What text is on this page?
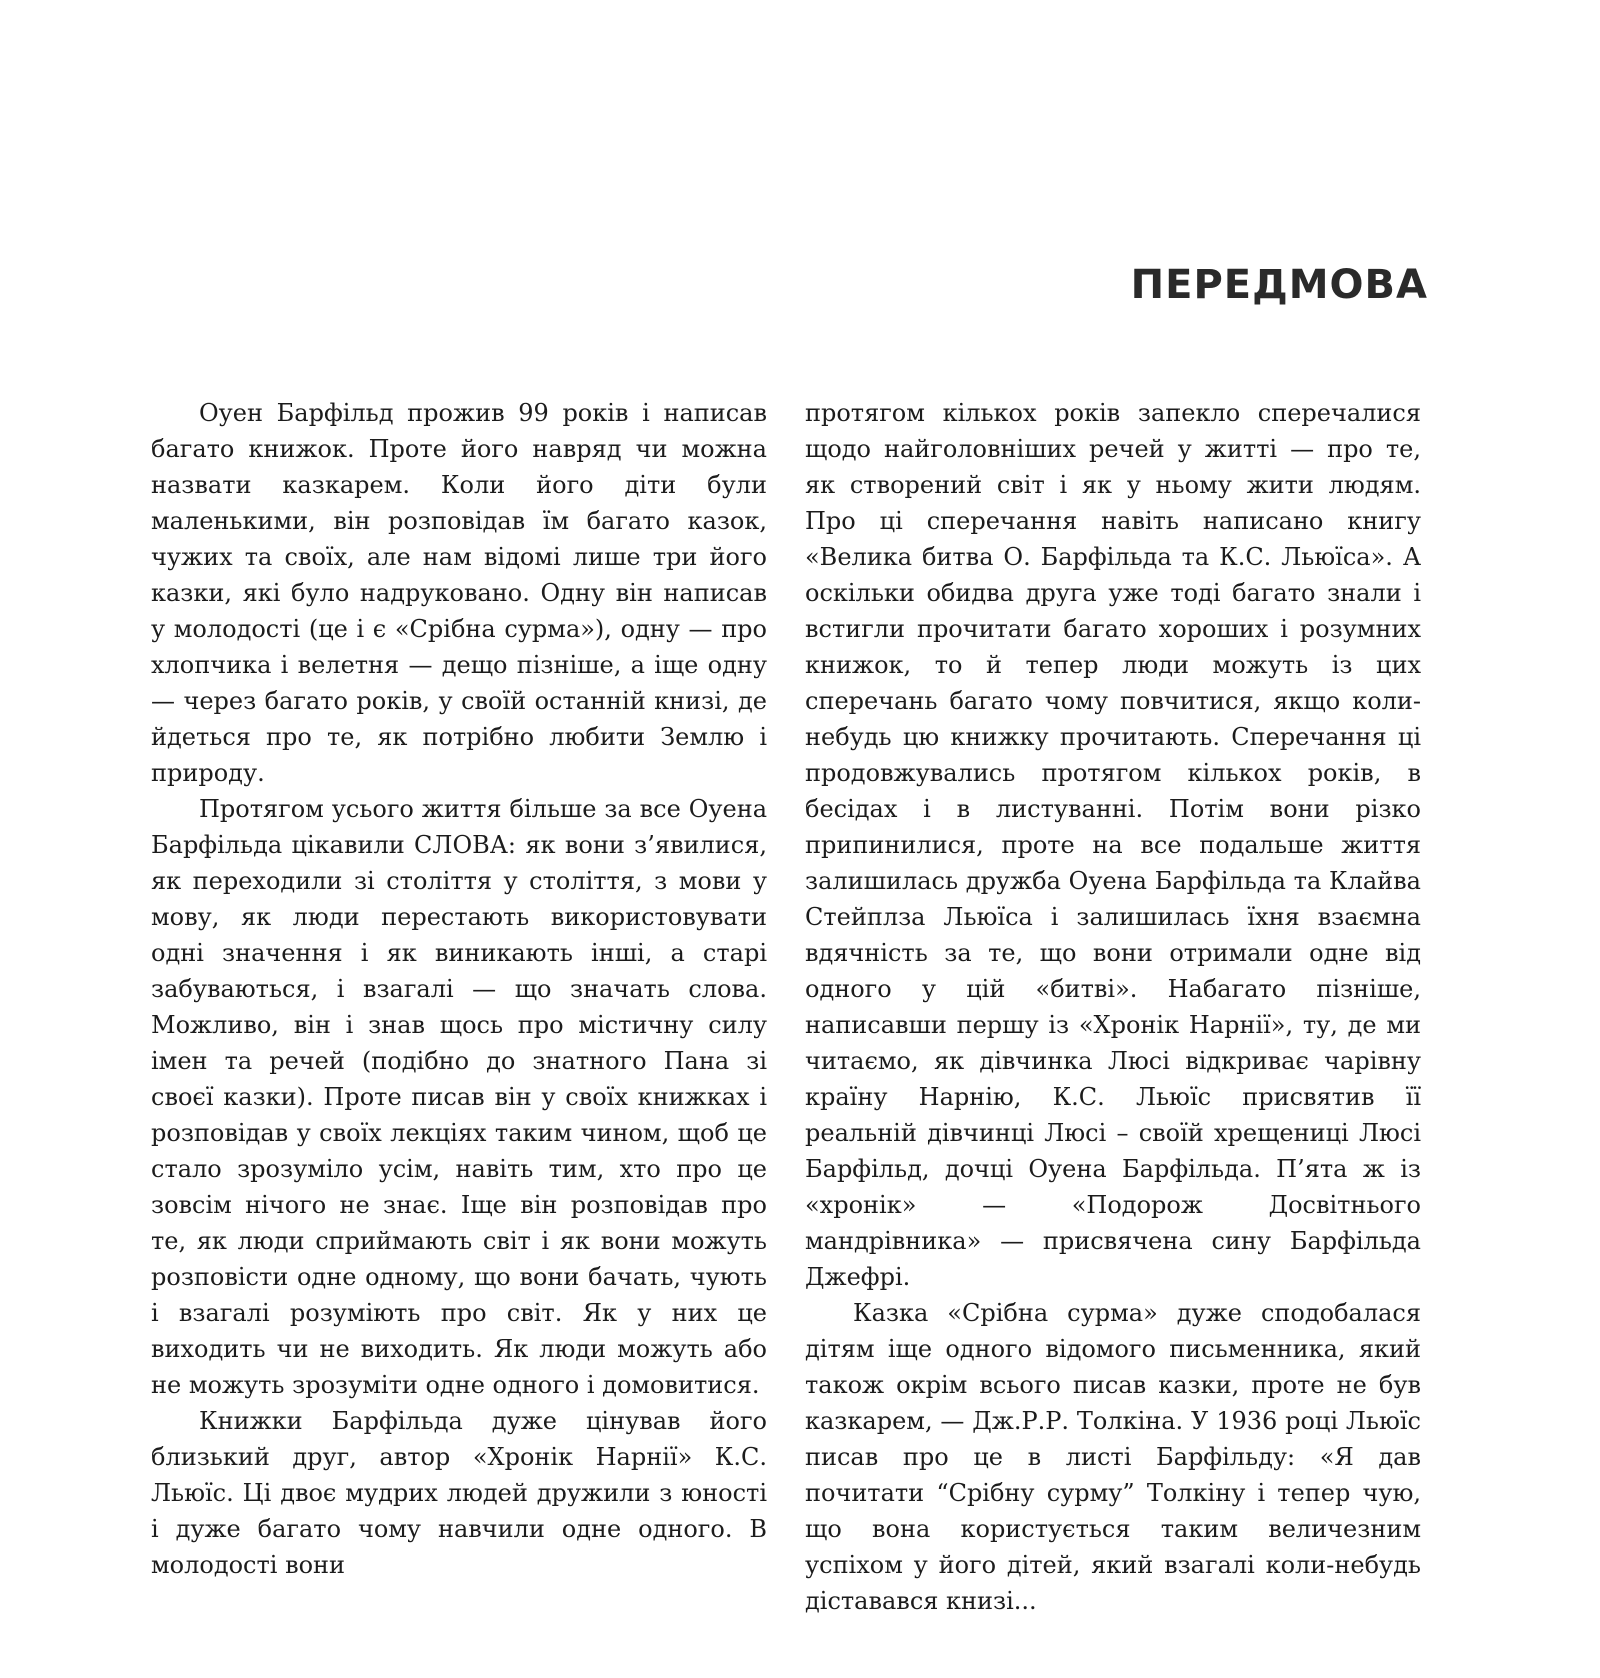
ПЕРЕДМОВА

Оуен Барфільд прожив 99 років і написав багато книжок. Проте його навряд чи можна назвати казкарем. Коли його діти були маленькими, він розповідав їм багато казок, чужих та своїх, але нам відомі лише три його казки, які було надруковано. Одну він написав у молодості (це і є «Срібна сурма»), одну — про хлопчика і велетня — дещо пізніше, а іще одну — через багато років, у своїй останній книзі, де йдеться про те, як потрібно любити Землю і природу.

Протягом усього життя більше за все Оуена Барфільда цікавили СЛОВА: як вони з’явилися, як переходили зі століття у століття, з мови у мову, як люди перестають використовувати одні значення і як виникають інші, а старі забуваються, і взагалі — що значать слова. Можливо, він і знав щось про містичну силу імен та речей (подібно до знатного Пана зі своєї казки). Проте писав він у своїх книжках і розповідав у своїх лекціях таким чином, щоб це стало зрозуміло усім, навіть тим, хто про це зовсім нічого не знає. Іще він розповідав про те, як люди сприймають світ і як вони можуть розповісти одне одному, що вони бачать, чують і взагалі розуміють про світ. Як у них це виходить чи не виходить. Як люди можуть або не можуть зрозуміти одне одного і домовитися.

Книжки Барфільда дуже цінував його близький друг, автор «Хронік Нарнії» К.С. Льюїс. Ці двоє мудрих людей дружили з юності і дуже багато чому навчили одне одного. В молодості вони

протягом кількох років запекло сперечалися щодо найголовніших речей у житті — про те, як створений світ і як у ньому жити людям. Про ці сперечання навіть написано книгу «Велика битва О. Барфільда та К.С. Льюїса». А оскільки обидва друга уже тоді багато знали і встигли прочитати багато хороших і розумних книжок, то й тепер люди можуть із цих сперечань багато чому повчитися, якщо коли-небудь цю книжку прочитають. Сперечання ці продовжувались протягом кількох років, в бесідах і в листуванні. Потім вони різко припинилися, проте на все подальше життя залишилась дружба Оуена Барфільда та Клайва Стейплза Льюїса і залишилась їхня взаємна вдячність за те, що вони отримали одне від одного у цій «битві». Набагато пізніше, написавши першу із «Хронік Нарнії», ту, де ми читаємо, як дівчинка Люсі відкриває чарівну країну Нарнію, К.С. Льюїс присвятив її реальній дівчинці Люсі – своїй хрещениці Люсі Барфільд, дочці Оуена Барфільда. П’ята ж із «хронік» — «Подорож Досвітнього мандрівника» — присвячена сину Барфільда Джефрі.

Казка «Срібна сурма» дуже сподобалася дітям іще одного відомого письменника, який також окрім всього писав казки, проте не був казкарем, — Дж.Р.Р. Толкіна. У 1936 році Льюїс писав про це в листі Барфільду: «Я дав почитати “Срібну сурму” Толкіну і тепер чую, що вона користується таким величезним успіхом у його дітей, який взагалі коли-небудь діставався книзі...
